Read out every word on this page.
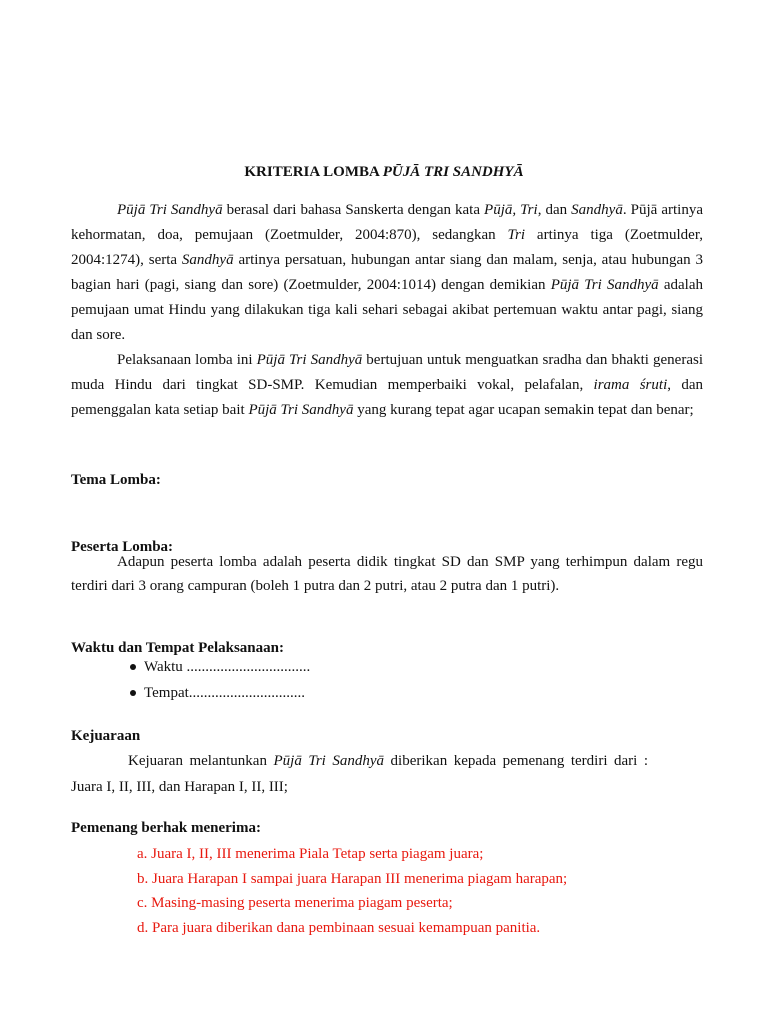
KRITERIA LOMBA PŪJĀ TRI SANDHYĀ
Pūjā Tri Sandhyā berasal dari bahasa Sanskerta dengan kata Pūjā, Tri, dan Sandhyā. Pūjā artinya kehormatan, doa, pemujaan (Zoetmulder, 2004:870), sedangkan Tri artinya tiga (Zoetmulder, 2004:1274), serta Sandhyā artinya persatuan, hubungan antar siang dan malam, senja, atau hubungan 3 bagian hari (pagi, siang dan sore) (Zoetmulder, 2004:1014) dengan demikian Pūjā Tri Sandhyā adalah pemujaan umat Hindu yang dilakukan tiga kali sehari sebagai akibat pertemuan waktu antar pagi, siang dan sore.
Pelaksanaan lomba ini Pūjā Tri Sandhyā bertujuan untuk menguatkan sradha dan bhakti generasi muda Hindu dari tingkat SD-SMP. Kemudian memperbaiki vokal, pelafalan, irama śruti, dan pemenggalan kata setiap bait Pūjā Tri Sandhyā yang kurang tepat agar ucapan semakin tepat dan benar;
Tema Lomba:
Peserta Lomba:
Adapun peserta lomba adalah peserta didik tingkat SD dan SMP yang terhimpun dalam regu terdiri dari 3 orang campuran (boleh 1 putra dan 2 putri, atau 2 putra dan 1 putri).
Waktu dan Tempat Pelaksanaan:
Waktu .................................
Tempat...............................
Kejuaraan
Kejuaran melantunkan Pūjā Tri Sandhyā diberikan kepada pemenang terdiri dari :
Juara I, II, III, dan Harapan I, II, III;
Pemenang berhak menerima:
a. Juara I, II, III menerima Piala Tetap serta piagam juara;
b. Juara Harapan I sampai juara Harapan III menerima piagam harapan;
c. Masing-masing peserta menerima piagam peserta;
d. Para juara diberikan dana pembinaan sesuai kemampuan panitia.
